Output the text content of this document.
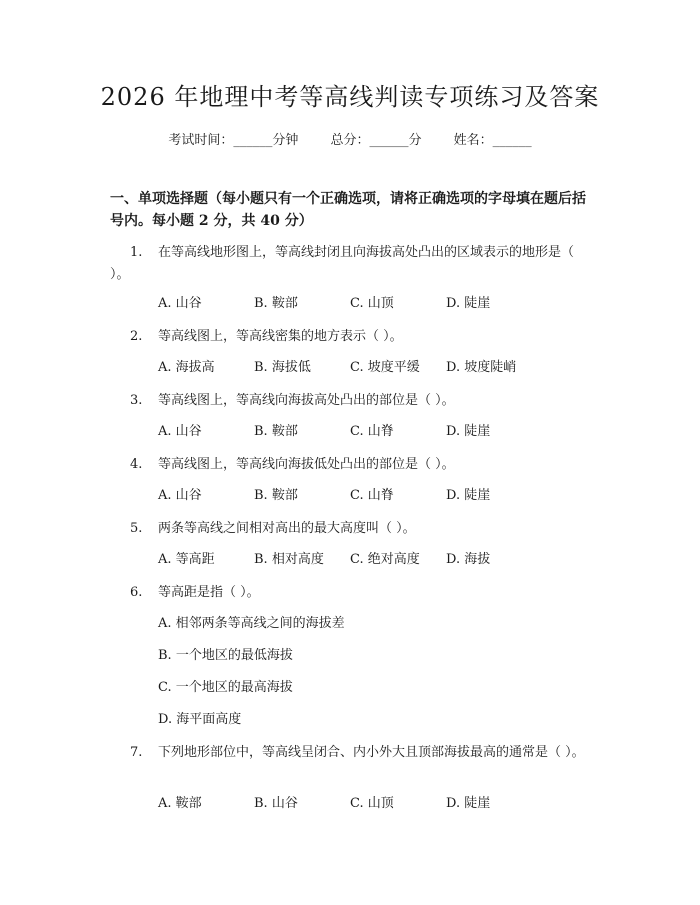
2026 年地理中考等高线判读专项练习及答案
考试时间：______分钟 总分：______分 姓名：______
一、单项选择题（每小题只有一个正确选项，请将正确选项的字母填在题后括号内。每小题 2 分，共 40 分）
1. 在等高线地形图上，等高线封闭且向海拔高处凸出的区域表示的地形是（ ）。
A. 山谷	B. 鞍部	C. 山顶	D. 陡崖
2. 等高线图上，等高线密集的地方表示（ ）。
A. 海拔高	B. 海拔低	C. 坡度平缓 D. 坡度陡峭
3. 等高线图上，等高线向海拔高处凸出的部位是（ ）。
A. 山谷	B. 鞍部	C. 山脊	D. 陡崖
4. 等高线图上，等高线向海拔低处凸出的部位是（ ）。
A. 山谷	B. 鞍部	C. 山脊	D. 陡崖
5. 两条等高线之间相对高出的最大高度叫（ ）。
A. 等高距	B. 相对高度 C. 绝对高度 D. 海拔
6. 等高距是指（ ）。
A. 相邻两条等高线之间的海拔差
B. 一个地区的最低海拔
C. 一个地区的最高海拔
D. 海平面高度
7. 下列地形部位中，等高线呈闭合、内小外大且顶部海拔最高的通常是（ ）。
A. 鞍部	B. 山谷	C. 山顶	D. 陡崖
